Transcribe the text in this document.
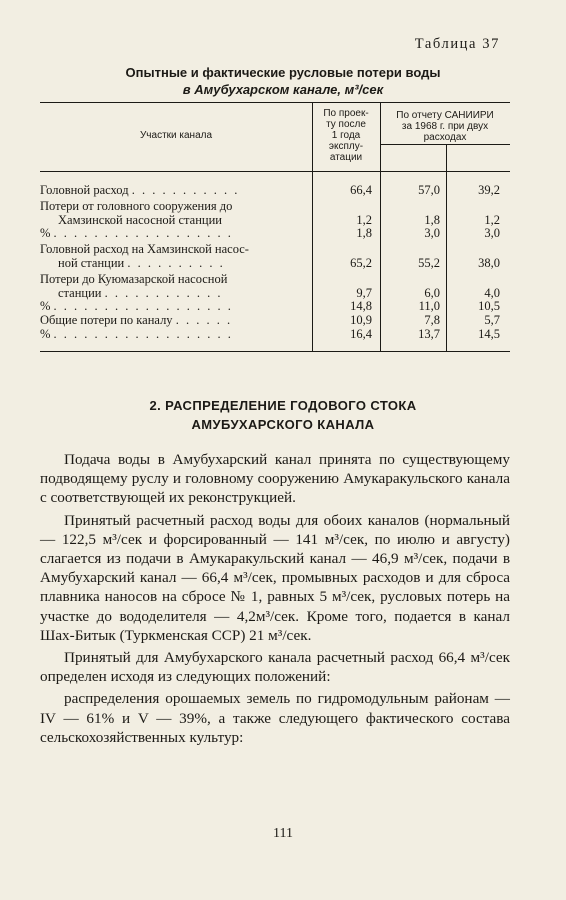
Таблица 37
Опытные и фактические русловые потери воды
в Амубухарском канале, м³/сек
Участки канала
По проек-
ту после
1 года
эксплу-
атации
По отчету САНИИРИ
за 1968 г. при двух
расходах
Головной расход . . . . . . . . . . .	66,4	57,0	39,2
Потери от головного сооружения до
Хамзинской насосной станции	1,2	1,8	1,2
% . . . . . . . . . . . . . . . . . .	1,8	3,0	3,0
Головной расход на Хамзинской насос-
ной станции . . . . . . . . . .	65,2	55,2	38,0
Потери до Куюмазарской насосной
станции . . . . . . . . . . . .	9,7	6,0	4,0
% . . . . . . . . . . . . . . . . . .	14,8	11,0	10,5
Общие потери по каналу . . . . . .	10,9	7,8	5,7
% . . . . . . . . . . . . . . . . . .	16,4	13,7	14,5
2. РАСПРЕДЕЛЕНИЕ ГОДОВОГО СТОКА
АМУБУХАРСКОГО КАНАЛА

Подача воды в Амубухарский канал принята по существующему подводящему руслу и головному сооружению Амукаракульского канала с соответствующей их реконструкцией.

Принятый расчетный расход воды для обоих каналов (нормальный — 122,5 м³/сек и форсированный — 141 м³/сек, по июлю и августу) слагается из подачи в Амукаракульский канал — 46,9 м³/сек, подачи в Амубухарский канал — 66,4 м³/сек, промывных расходов и для сброса плавника наносов на сбросе № 1, равных 5 м³/сек, русловых потерь на участке до вододелителя — 4,2м³/сек. Кроме того, подается в канал Шах-Битык (Туркменская ССР) 21 м³/сек.

Принятый для Амубухарского канала расчетный расход 66,4 м³/сек определен исходя из следующих положений:

распределения орошаемых земель по гидромодульным районам — IV — 61% и V — 39%, а также следующего фактического состава сельскохозяйственных культур:

111
